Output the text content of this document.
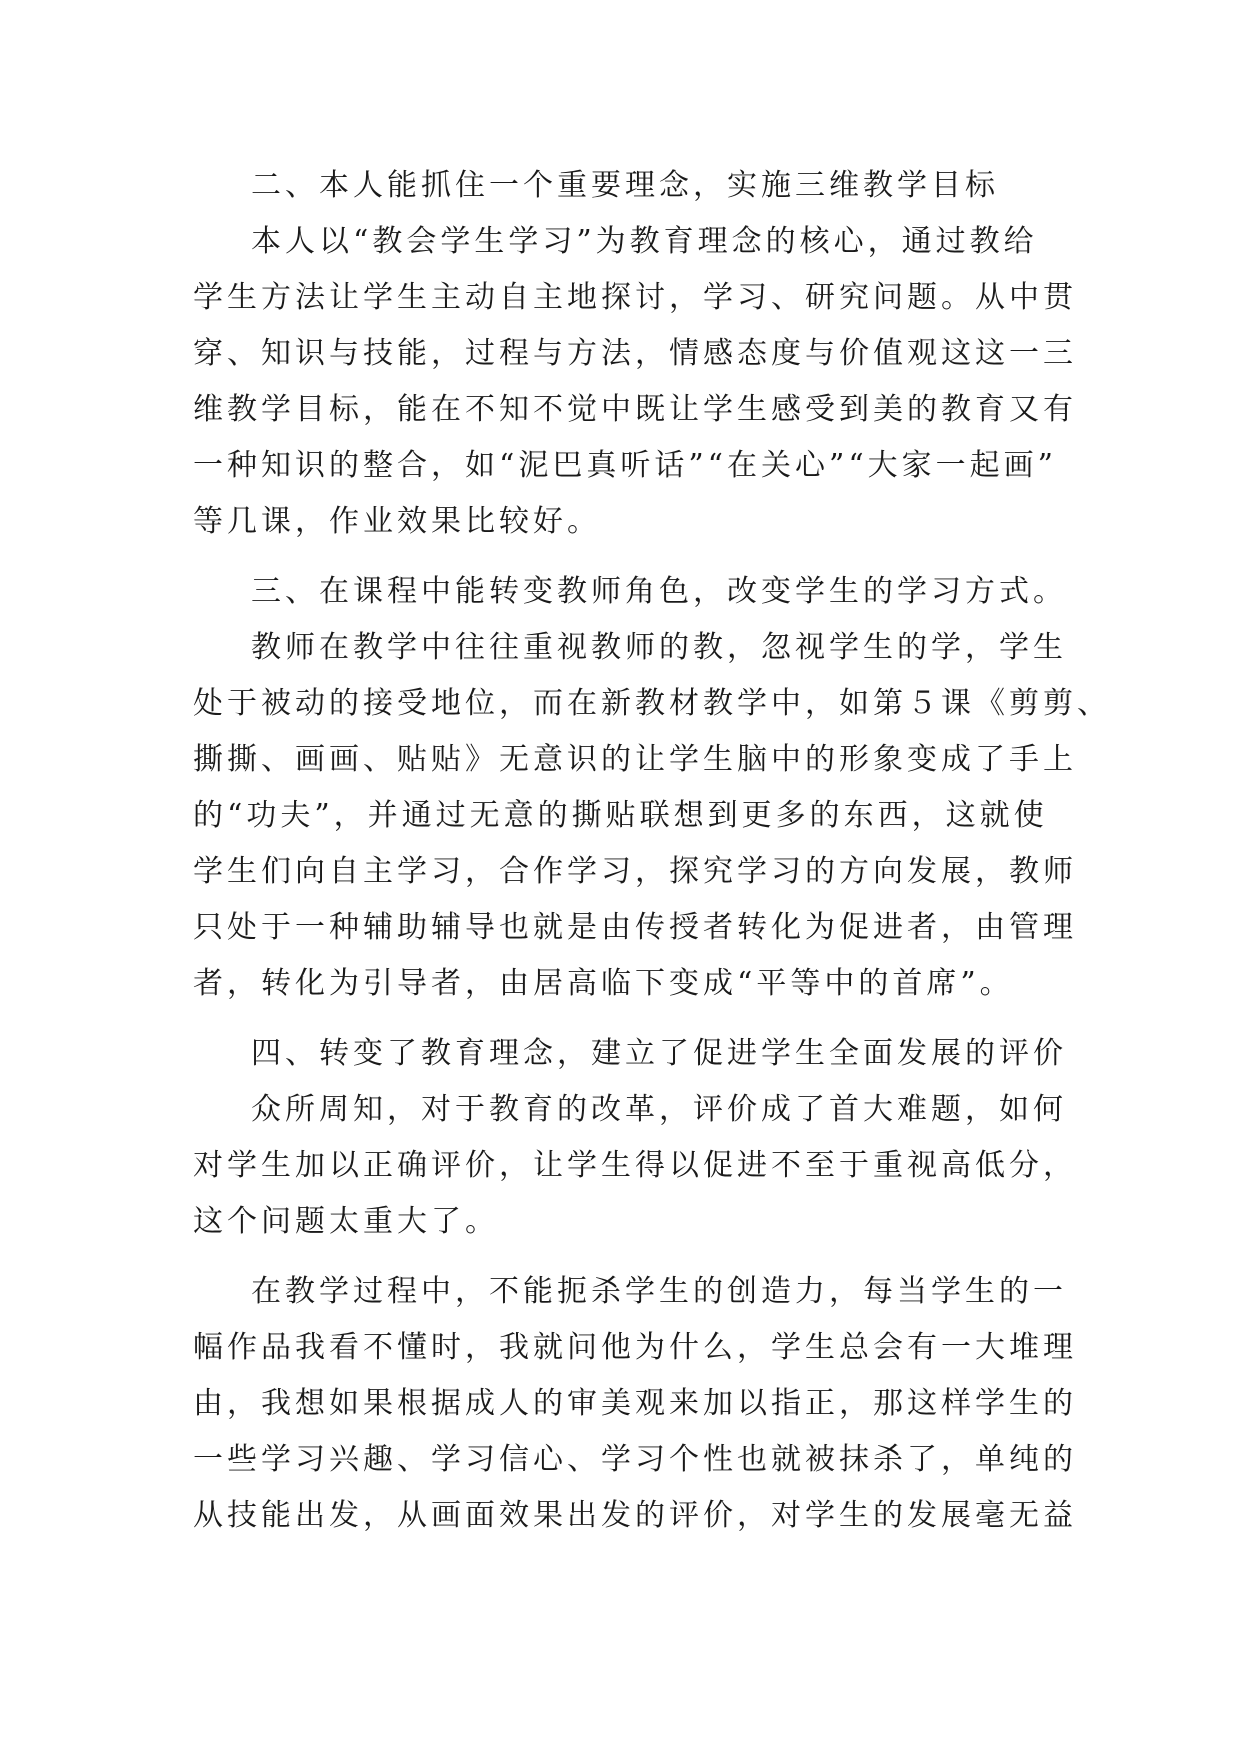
二、本人能抓住一个重要理念，实施三维教学目标
本人以“教会学生学习”为教育理念的核心，通过教给
学生方法让学生主动自主地探讨，学习、研究问题。从中贯
穿、知识与技能，过程与方法，情感态度与价值观这这一三
维教学目标，能在不知不觉中既让学生感受到美的教育又有
一种知识的整合，如“泥巴真听话”“在关心”“大家一起画”
等几课，作业效果比较好。
三、在课程中能转变教师角色，改变学生的学习方式。
教师在教学中往往重视教师的教，忽视学生的学，学生
处于被动的接受地位，而在新教材教学中，如第５课《剪剪、
撕撕、画画、贴贴》无意识的让学生脑中的形象变成了手上
的“功夫”，并通过无意的撕贴联想到更多的东西，这就使
学生们向自主学习，合作学习，探究学习的方向发展，教师
只处于一种辅助辅导也就是由传授者转化为促进者，由管理
者，转化为引导者，由居高临下变成“平等中的首席”。
四、转变了教育理念，建立了促进学生全面发展的评价
众所周知，对于教育的改革，评价成了首大难题，如何
对学生加以正确评价，让学生得以促进不至于重视高低分，
这个问题太重大了。
在教学过程中，不能扼杀学生的创造力，每当学生的一
幅作品我看不懂时，我就问他为什么，学生总会有一大堆理
由，我想如果根据成人的审美观来加以指正，那这样学生的
一些学习兴趣、学习信心、学习个性也就被抹杀了，单纯的
从技能出发，从画面效果出发的评价，对学生的发展毫无益
